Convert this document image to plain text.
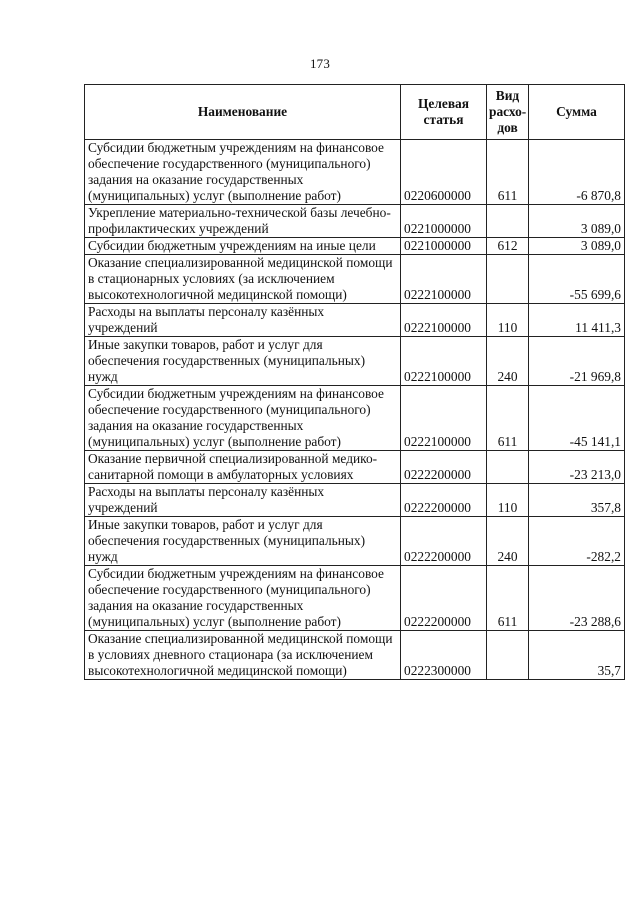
173
Наименование	Целевая статья	Вид расхо-дов	Сумма
Субсидии бюджетным учреждениям на финансовое обеспечение государственного (муниципального) задания на оказание государственных (муниципальных) услуг (выполнение работ)	0220600000	611	-6 870,8
Укрепление материально-технической базы лечебно-профилактических учреждений	0221000000		3 089,0
Субсидии бюджетным учреждениям на иные цели	0221000000	612	3 089,0
Оказание специализированной медицинской помощи в стационарных условиях (за исключением высокотехнологичной медицинской помощи)	0222100000		-55 699,6
Расходы на выплаты персоналу казённых учреждений	0222100000	110	11 411,3
Иные закупки товаров, работ и услуг для обеспечения государственных (муниципальных) нужд	0222100000	240	-21 969,8
Субсидии бюджетным учреждениям на финансовое обеспечение государственного (муниципального) задания на оказание государственных (муниципальных) услуг (выполнение работ)	0222100000	611	-45 141,1
Оказание первичной специализированной медико-санитарной помощи в амбулаторных условиях	0222200000		-23 213,0
Расходы на выплаты персоналу казённых учреждений	0222200000	110	357,8
Иные закупки товаров, работ и услуг для обеспечения государственных (муниципальных) нужд	0222200000	240	-282,2
Субсидии бюджетным учреждениям на финансовое обеспечение государственного (муниципального) задания на оказание государственных (муниципальных) услуг (выполнение работ)	0222200000	611	-23 288,6
Оказание специализированной медицинской помощи в условиях дневного стационара (за исключением высокотехнологичной медицинской помощи)	0222300000		35,7
